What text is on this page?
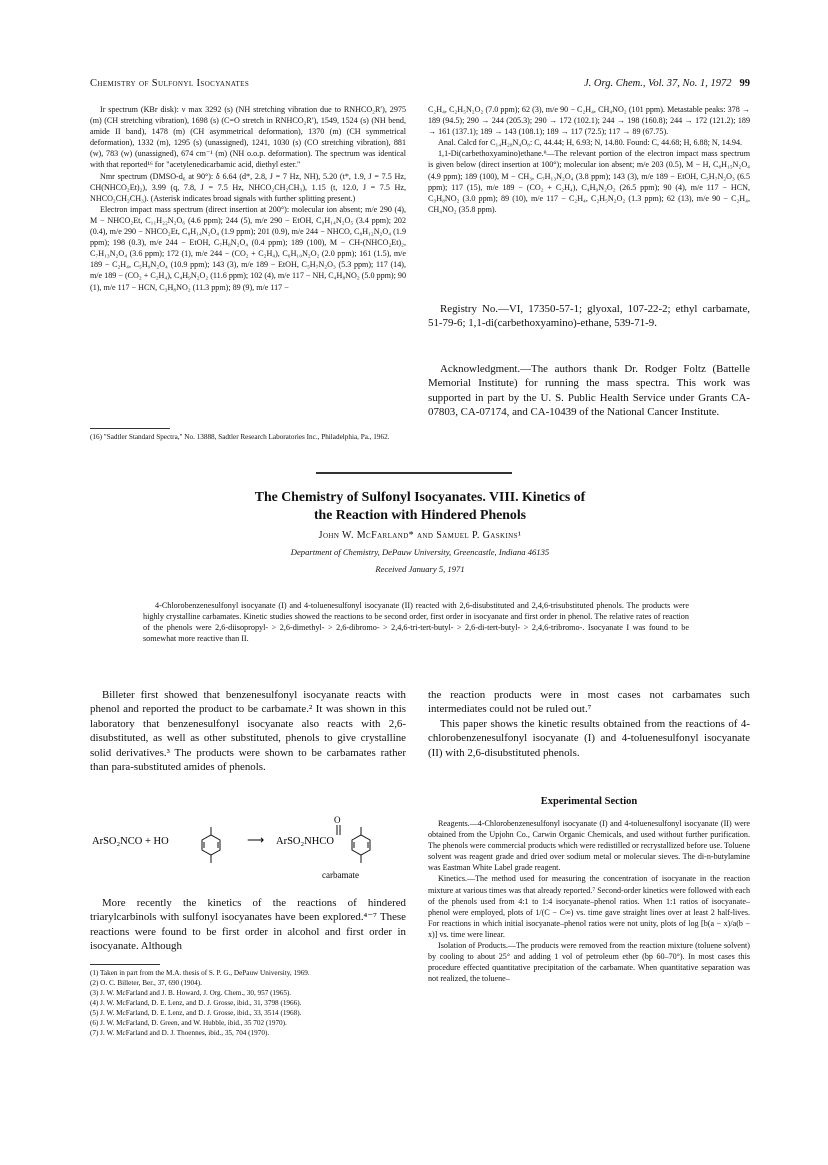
Chemistry of Sulfonyl Isocyanates	J. Org. Chem., Vol. 37, No. 1, 1972 99

Ir spectrum (KBr disk): ν max 3292 (s) (NH stretching vibration due to RNHCO₂R′), 2975 (m) (CH stretching vibration), 1698 (s) (C=O stretch in RNHCO₂R′), 1549, 1524 (s) (NH bend, amide II band), 1478 (m) (CH asymmetrical deformation), 1370 (m) (CH symmetrical deformation), 1332 (m), 1295 (s) (unassigned), 1241, 1030 (s) (CO stretching vibration), 881 (w), 783 (w) (unassigned), 674 cm⁻¹ (m) (NH o.o.p. deformation). The spectrum was identical with that reported¹⁶ for "acetylenedicarbamic acid, diethyl ester."

Nmr spectrum (DMSO-d₆ at 90°): δ 6.64 (d*, 2.8, J = 7 Hz, NH), 5.20 (t*, 1.9, J = 7.5 Hz, CH(NHCO₂Et)₂), 3.99 (q, 7.8, J = 7.5 Hz, NHCO₂CH₂CH₃), 1.15 (t, 12.0, J = 7.5 Hz, NHCO₂CH₂CH₃). (Asterisk indicates broad signals with further splitting present.)

Electron impact mass spectrum (direct insertion at 200°): molecular ion absent; m/e 290 (4), M − NHCO₂Et, C₁₁H₂₂N₂O₆ (4.6 ppm); 244 (5), m/e 290 − EtOH, C₉H₁₄N₂O₅ (3.4 ppm); 202 (0.4), m/e 290 − NHCO₂Et, C₈H₁₄N₂O₄ (1.9 ppm); 201 (0.9), m/e 244 − NHCO, C₈H₁₂N₂O₄ (1.9 ppm); 198 (0.3), m/e 244 − EtOH, C₇H₈N₂O₄ (0.4 ppm); 189 (100), M − CH-(NHCO₂Et)₂, C₇H₁₃N₂O₄ (3.6 ppm); 172 (1), m/e 244 − (CO₂ + C₂H₄), C₆H₁₀N₂O₂ (2.0 ppm); 161 (1.5), m/e 189 − C₂H₄, C₅H₉N₂O₄ (10.9 ppm); 143 (3), m/e 189 − EtOH, C₅H₇N₂O₃ (5.3 ppm); 117 (14), m/e 189 − (CO₂ + C₂H₄), C₄H₉N₂O₂ (11.6 ppm); 102 (4), m/e 117 − NH, C₄H₈NO₂ (5.0 ppm); 90 (1), m/e 117 − HCN, C₃H₈NO₂ (11.3 ppm); 89 (9), m/e 117 −

(16) "Sadtler Standard Spectra," No. 13888, Sadtler Research Laboratories Inc., Philadelphia, Pa., 1962.

C₂H₄, C₂H₅N₂O₂ (7.0 ppm); 62 (3), m/e 90 − C₂H₄, CH₄NO₂ (101 ppm). Metastable peaks: 378 → 189 (94.5); 290 → 244 (205.3); 290 → 172 (102.1); 244 → 198 (160.8); 244 → 172 (121.2); 189 → 161 (137.1); 189 → 143 (108.1); 189 → 117 (72.5); 117 → 89 (67.75).

Anal. Calcd for C₁₄H₂₈N₄O₈: C, 44.44; H, 6.93; N, 14.80. Found: C, 44.68; H, 6.88; N, 14.94.

1,1-Di(carbethoxyamino)ethane.⁹—The relevant portion of the electron impact mass spectrum is given below (direct insertion at 100°); molecular ion absent; m/e 203 (0.5), M − H, C₈H₁₅N₂O₄ (4.9 ppm); 189 (100), M − CH₃, C₇H₁₃N₂O₄ (3.8 ppm); 143 (3), m/e 189 − EtOH, C₅H₇N₂O₃ (6.5 ppm); 117 (15), m/e 189 − (CO₂ + C₂H₄), C₄H₉N₂O₂ (26.5 ppm); 90 (4), m/e 117 − HCN, C₃H₈NO₂ (3.0 ppm); 89 (10), m/e 117 − C₂H₄, C₂H₅N₂O₂ (1.3 ppm); 62 (13), m/e 90 − C₂H₄, CH₄NO₂ (35.8 ppm).

Registry No.—VI, 17350-57-1; glyoxal, 107-22-2; ethyl carbamate, 51-79-6; 1,1-di(carbethoxyamino)-ethane, 539-71-9.

Acknowledgment.—The authors thank Dr. Rodger Foltz (Battelle Memorial Institute) for running the mass spectra. This work was supported in part by the U. S. Public Health Service under Grants CA-07803, CA-07174, and CA-10439 of the National Cancer Institute.

The Chemistry of Sulfonyl Isocyanates. VIII. Kinetics of
the Reaction with Hindered Phenols
John W. McFarland* and Samuel P. Gaskins¹
Department of Chemistry, DePauw University, Greencastle, Indiana 46135
Received January 5, 1971
4-Chlorobenzenesulfonyl isocyanate (I) and 4-toluenesulfonyl isocyanate (II) reacted with 2,6-disubstituted and 2,4,6-trisubstituted phenols. The products were highly crystalline carbamates. Kinetic studies showed the reactions to be second order, first order in isocyanate and first order in phenol. The relative rates of reaction of the phenols were 2,6-diisopropyl- > 2,6-dimethyl- > 2,6-dibromo- > 2,4,6-tri-tert-butyl- > 2,6-di-tert-butyl- > 2,4,6-tribromo-. Isocyanate I was found to be somewhat more reactive than II.

Billeter first showed that benzenesulfonyl isocyanate reacts with phenol and reported the product to be carbamate.² It was shown in this laboratory that benzenesulfonyl isocyanate also reacts with 2,6-disubstituted, as well as other substituted, phenols to give crystalline solid derivatives.³ The products were shown to be carbamates rather than para-substituted amides of phenols.

ArSO₂NCO + HO	⟶ ArSO₂NHCO
O
carbamate

More recently the kinetics of the reactions of hindered triarylcarbinols with sulfonyl isocyanates have been explored.⁴⁻⁷ These reactions were found to be first order in alcohol and first order in isocyanate. Although

(1) Taken in part from the M.A. thesis of S. P. G., DePauw University, 1969.

(2) O. C. Billeter, Ber., 37, 690 (1904).

(3) J. W. McFarland and J. B. Howard, J. Org. Chem., 30, 957 (1965).

(4) J. W. McFarland, D. E. Lenz, and D. J. Grosse, ibid., 31, 3798 (1966).

(5) J. W. McFarland, D. E. Lenz, and D. J. Grosse, ibid., 33, 3514 (1968).

(6) J. W. McFarland, D. Green, and W. Hubble, ibid., 35 702 (1970).

(7) J. W. McFarland and D. J. Thoennes, ibid., 35, 704 (1970).

the reaction products were in most cases not carbamates such intermediates could not be ruled out.⁷

This paper shows the kinetic results obtained from the reactions of 4-chlorobenzenesulfonyl isocyanate (I) and 4-toluenesulfonyl isocyanate (II) with 2,6-disubstituted phenols.

Experimental Section

Reagents.—4-Chlorobenzenesulfonyl isocyanate (I) and 4-toluenesulfonyl isocyanate (II) were obtained from the Upjohn Co., Carwin Organic Chemicals, and used without further purification. The phenols were commercial products which were redistilled or recrystallized before use. Toluene solvent was reagent grade and dried over sodium metal or molecular sieves. The di-n-butylamine was Eastman White Label grade reagent.

Kinetics.—The method used for measuring the concentration of isocyanate in the reaction mixture at various times was that already reported.⁷ Second-order kinetics were followed with each of the phenols used from 4:1 to 1:4 isocyanate–phenol ratios. When 1:1 ratios of isocyanate–phenol were employed, plots of 1/(C − C∞) vs. time gave straight lines over at least 2 half-lives. For reactions in which initial isocyanate–phenol ratios were not unity, plots of log [b(a − x)/a(b − x)] vs. time were linear.

Isolation of Products.—The products were removed from the reaction mixture (toluene solvent) by cooling to about 25° and adding 1 vol of petroleum ether (bp 60–70°). In most cases this procedure effected quantitative precipitation of the carbamate. When quantitative separation was not realized, the toluene–
